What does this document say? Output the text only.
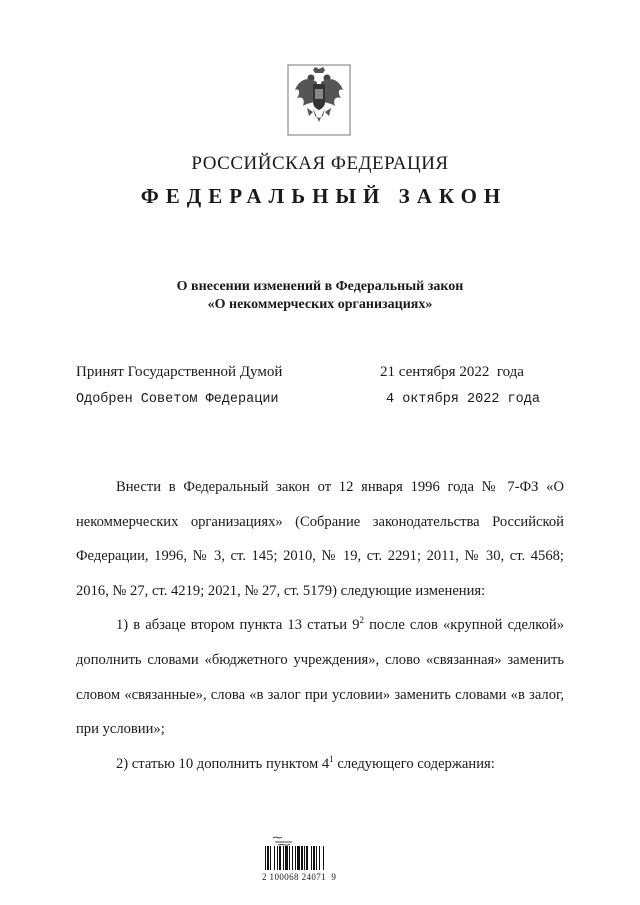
РОССИЙСКАЯ ФЕДЕРАЦИЯ
ФЕДЕРАЛЬНЫЙ ЗАКОН
О внесении изменений в Федеральный закон
«О некоммерческих организациях»
Принят Государственной Думой	21 сентября 2022  года
Одобрен Советом Федерации	4 октября 2022 года

Внести в Федеральный закон от 12 января 1996 года № 7-ФЗ «О некоммерческих организациях» (Собрание законодательства Российской Федерации, 1996, № 3, ст. 145; 2010, № 19, ст. 2291; 2011, № 30, ст. 4568; 2016, № 27, ст. 4219; 2021, № 27, ст. 5179) следующие изменения:

1) в абзаце втором пункта 13 статьи $9^2$ после слов «крупной сделкой» дополнить словами «бюджетного учреждения», слово «связанная» заменить словом «связанные», слова «в залог при условии» заменить словами «в залог, при условии»;

2) статью 10 дополнить пунктом $4^1$ следующего содержания:

2 100068 24071  9
